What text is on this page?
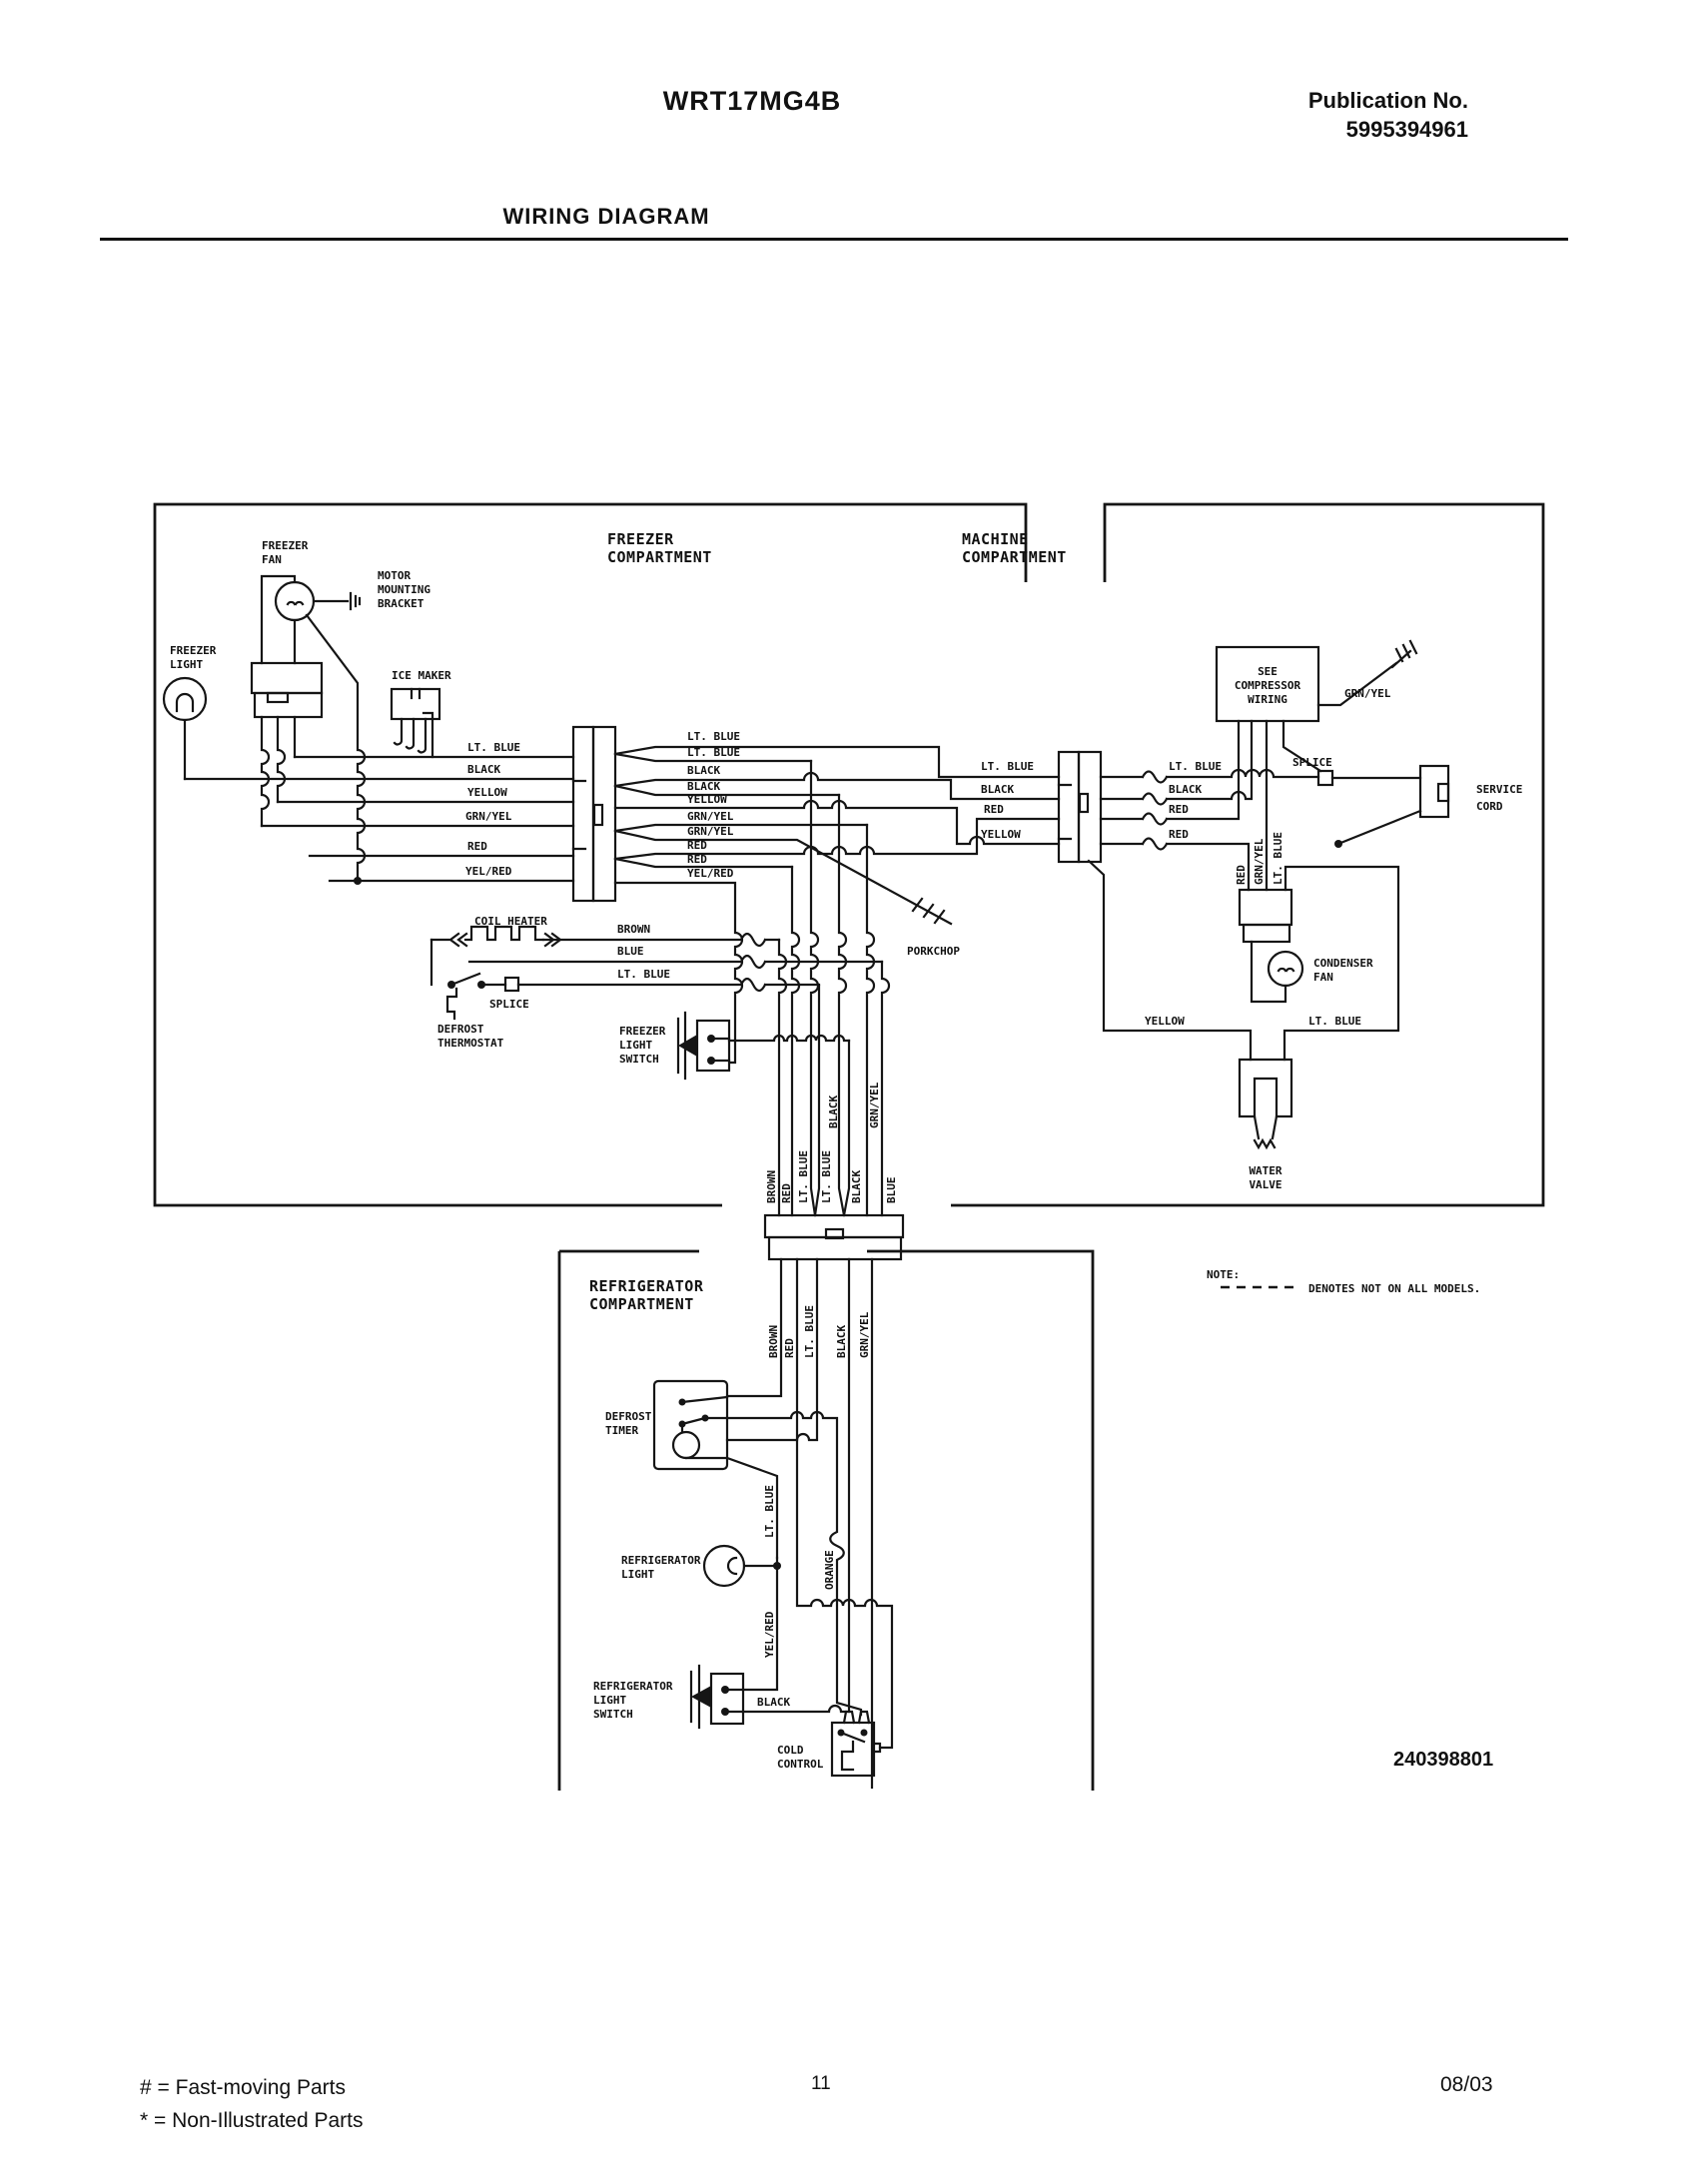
WRT17MG4B	Publication No.
5995394961
WIRING DIAGRAM
FREEZER
COMPARTMENT
MACHINE
COMPARTMENT
REFRIGERATOR
COMPARTMENT
FREEZER
FAN
MOTOR
MOUNTING
BRACKET
FREEZER
LIGHT
ICE MAKER
LT. BLUE
BLACK
YELLOW
GRN/YEL
RED
YEL/RED
LT. BLUE
LT. BLUE
BLACK
BLACK
YELLOW
GRN/YEL
GRN/YEL
RED
RED
YEL/RED
PORKCHOP
COIL HEATER
BROWN
BLUE
LT. BLUE
SPLICE
DEFROST
THERMOSTAT
FREEZER
LIGHT
SWITCH
BROWN RED LT. BLUE LT. BLUE
BLACK
BLACK
GRN/YEL
BLUE
LT. BLUE
BLACK
RED
YELLOW
LT. BLUE
BLACK
RED
RED
SPLICE
SEE
COMPRESSOR
WIRING	GRN/YEL
SERVICE
CORD
CONDENSER
FAN
RED GRN/YEL LT. BLUE
YELLOW	LT. BLUE
WATER
VALVE
NOTE:
DENOTES NOT ON ALL MODELS.
BROWN RED LT. BLUE BLACK GRN/YEL
DEFROST
TIMER
ORANGE
REFRIGERATOR
LIGHT
LT. BLUE
YEL/RED
REFRIGERATOR
LIGHT
SWITCH
BLACK
COLD
CONTROL	240398801
# = Fast-moving Parts
* = Non-Illustrated Parts
11	08/03
